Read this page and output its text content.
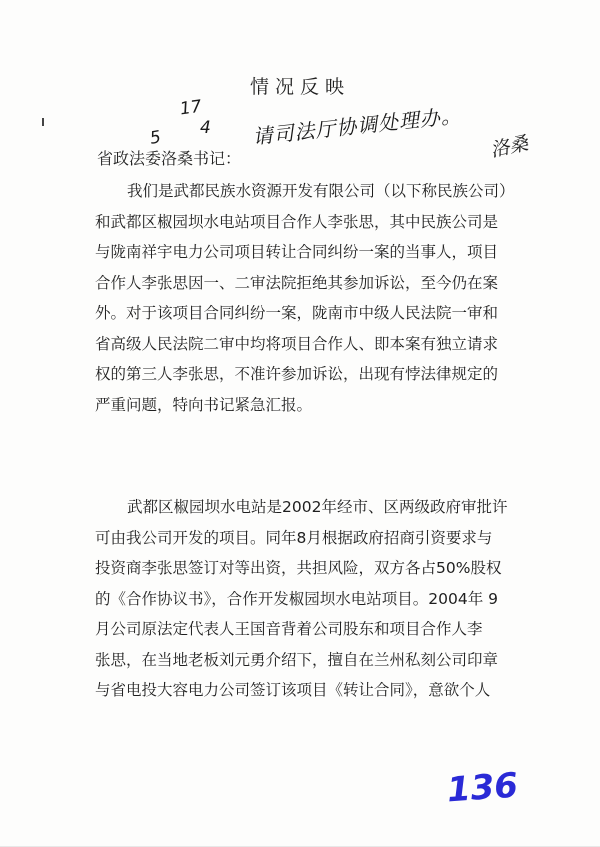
情况反映
17
4
5	请司法厅协调处理办。 洛桑
省政法委洛桑书记：
我们是武都民族水资源开发有限公司（以下称民族公司）
和武都区椒园坝水电站项目合作人李张思，其中民族公司是
与陇南祥宇电力公司项目转让合同纠纷一案的当事人，项目
合作人李张思因一、二审法院拒绝其参加诉讼，至今仍在案
外。对于该项目合同纠纷一案，陇南市中级人民法院一审和
省高级人民法院二审中均将项目合作人、即本案有独立请求
权的第三人李张思，不准许参加诉讼，出现有悖法律规定的
严重问题，特向书记紧急汇报。
武都区椒园坝水电站是2002年经市、区两级政府审批许
可由我公司开发的项目。同年8月根据政府招商引资要求与
投资商李张思签订对等出资，共担风险，双方各占50%股权
的《合作协议书》，合作开发椒园坝水电站项目。2004年 9
月公司原法定代表人王国音背着公司股东和项目合作人李
张思，在当地老板刘元勇介绍下，擅自在兰州私刻公司印章
与省电投大容电力公司签订该项目《转让合同》，意欲个人
136
